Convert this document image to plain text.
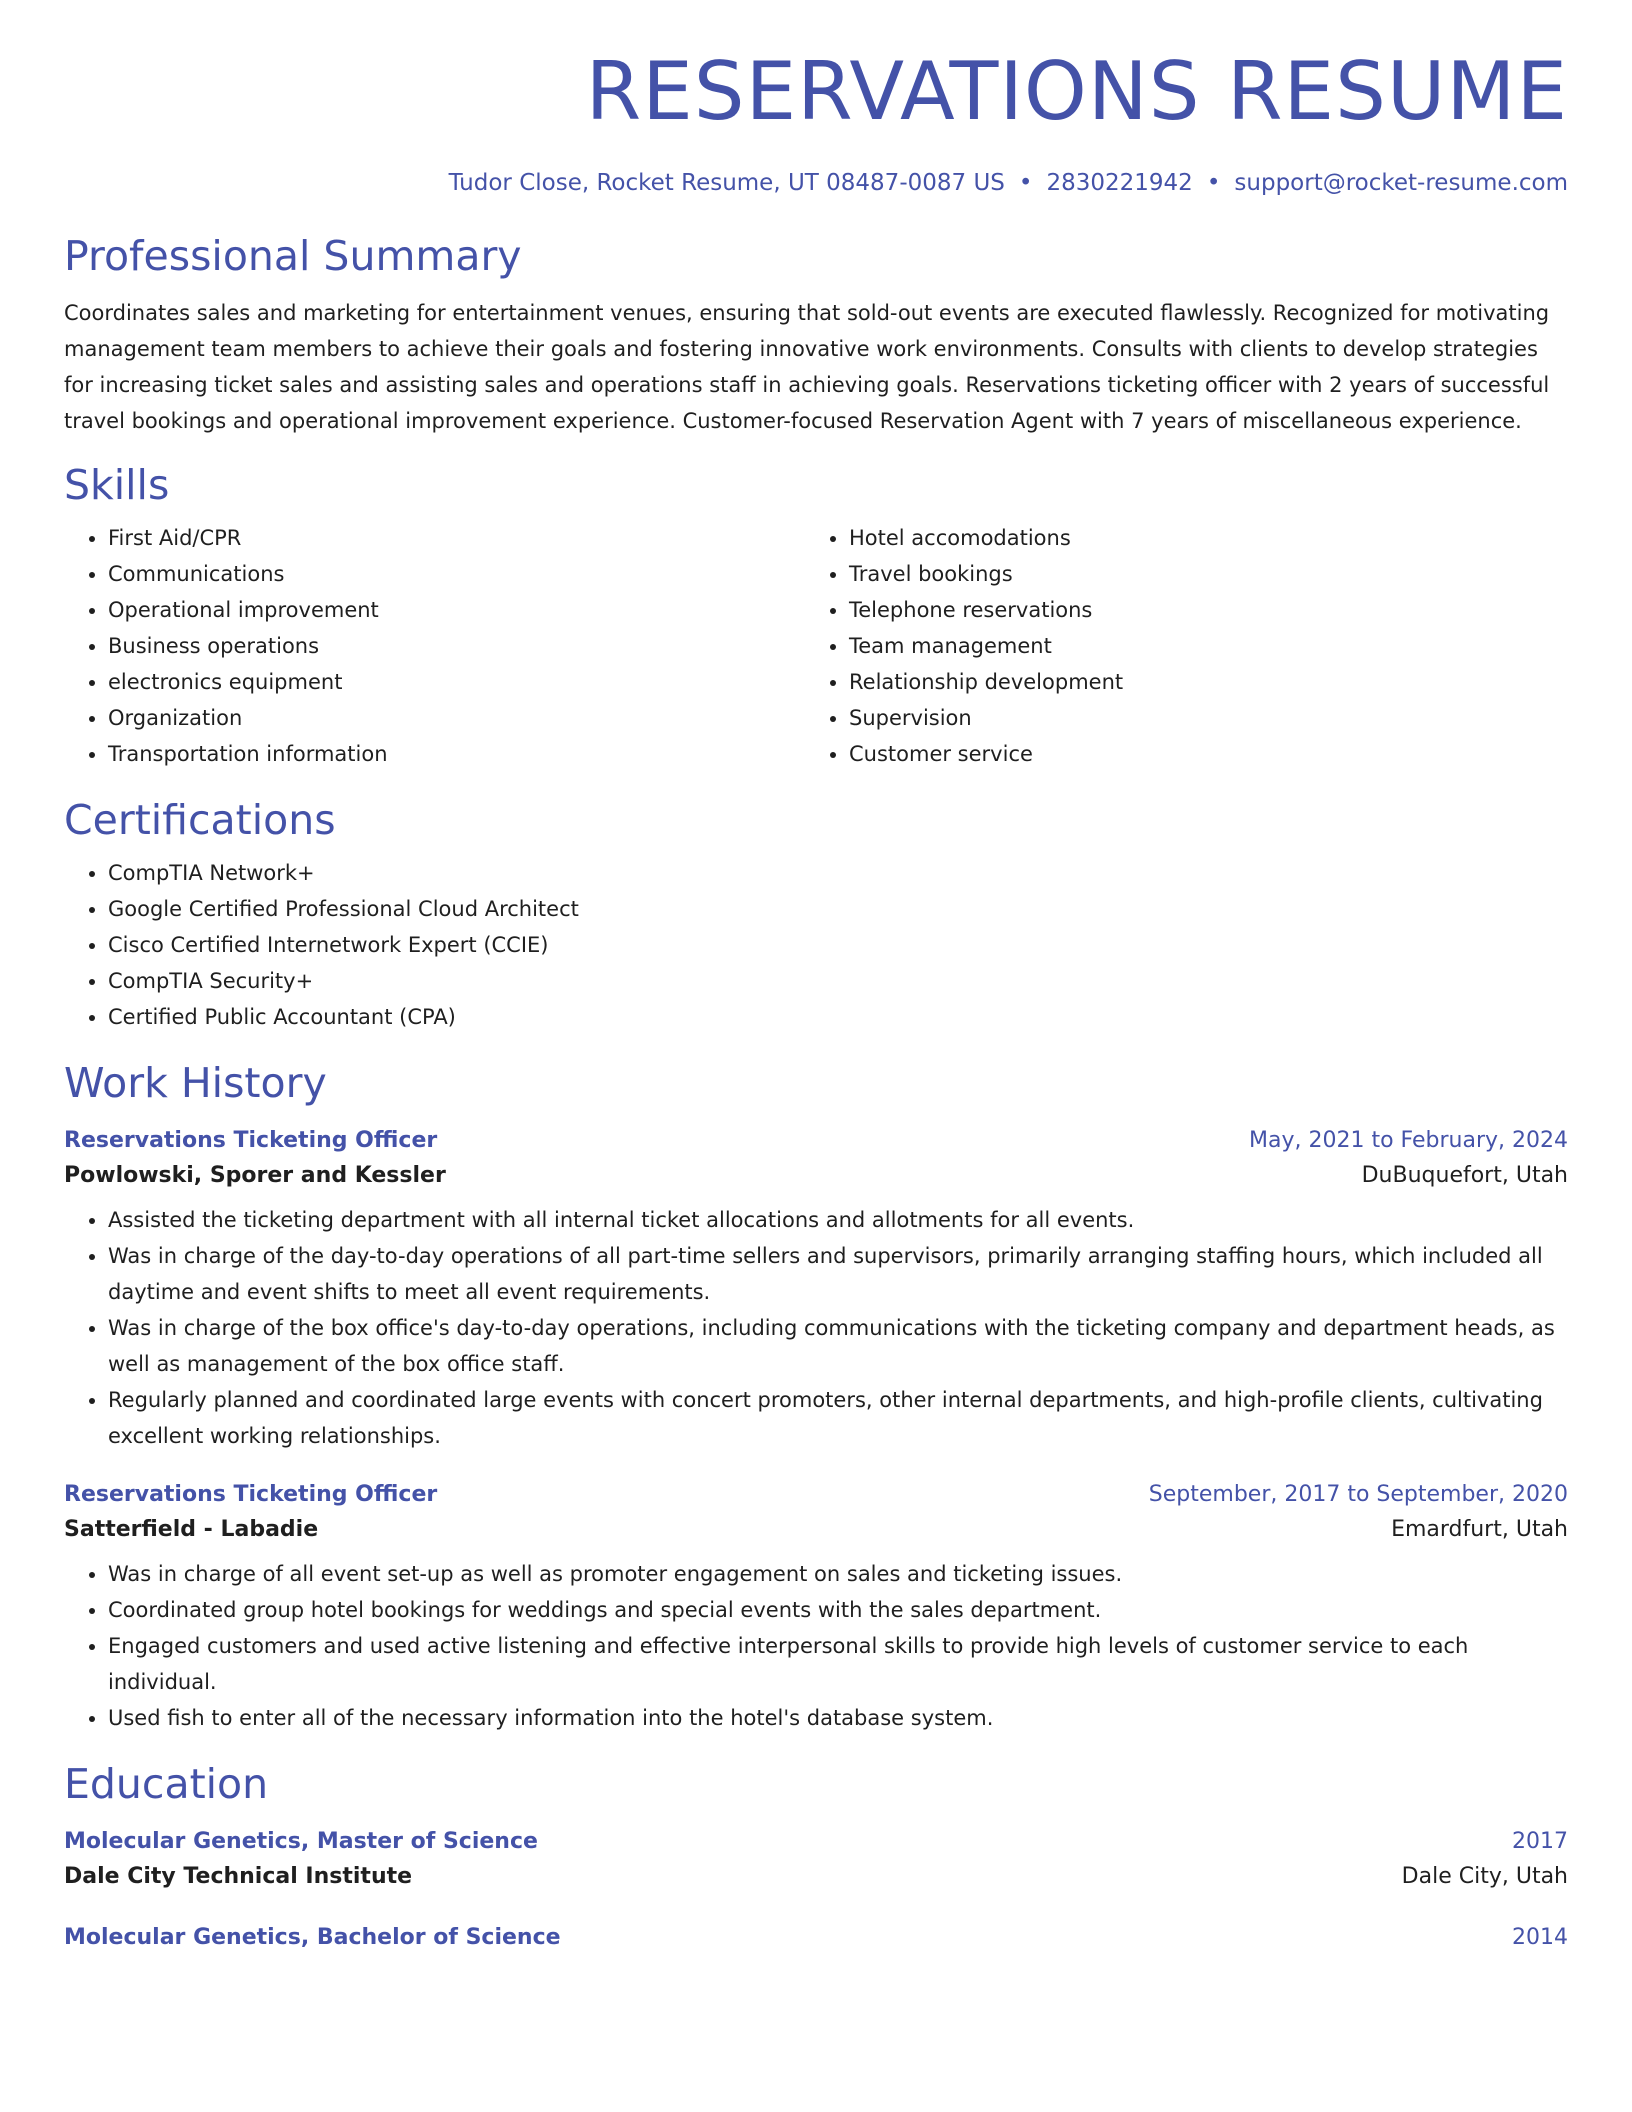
RESERVATIONS RESUME
Tudor Close, Rocket Resume, UT 08487-0087 US • 2830221942 • support@rocket-resume.com
Professional Summary

Coordinates sales and marketing for entertainment venues, ensuring that sold-out events are executed flawlessly. Recognized for motivating management team members to achieve their goals and fostering innovative work environments. Consults with clients to develop strategies for increasing ticket sales and assisting sales and operations staff in achieving goals. Reservations ticketing officer with 2 years of successful travel bookings and operational improvement experience. Customer-focused Reservation Agent with 7 years of miscellaneous experience.

Skills
• First Aid/CPR
• Communications
• Operational improvement
• Business operations
• electronics equipment
• Organization
• Transportation information
• Hotel accomodations
• Travel bookings
• Telephone reservations
• Team management
• Relationship development
• Supervision
• Customer service
Certifications
• CompTIA Network+
• Google Certified Professional Cloud Architect
• Cisco Certified Internetwork Expert (CCIE)
• CompTIA Security+
• Certified Public Accountant (CPA)
Work History
Reservations Ticketing Officer	May, 2021 to February, 2024
Powlowski, Sporer and Kessler	DuBuquefort, Utah
• Assisted the ticketing department with all internal ticket allocations and allotments for all events.
• Was in charge of the day-to-day operations of all part-time sellers and supervisors, primarily arranging staffing hours, which included all daytime and event shifts to meet all event requirements.
• Was in charge of the box office's day-to-day operations, including communications with the ticketing company and department heads, as well as management of the box office staff.
• Regularly planned and coordinated large events with concert promoters, other internal departments, and high-profile clients, cultivating excellent working relationships.
Reservations Ticketing Officer	September, 2017 to September, 2020
Satterfield - Labadie	Emardfurt, Utah
• Was in charge of all event set-up as well as promoter engagement on sales and ticketing issues.
• Coordinated group hotel bookings for weddings and special events with the sales department.
• Engaged customers and used active listening and effective interpersonal skills to provide high levels of customer service to each individual.
• Used fish to enter all of the necessary information into the hotel's database system.
Education
Molecular Genetics, Master of Science	2017
Dale City Technical Institute	Dale City, Utah
Molecular Genetics, Bachelor of Science	2014
